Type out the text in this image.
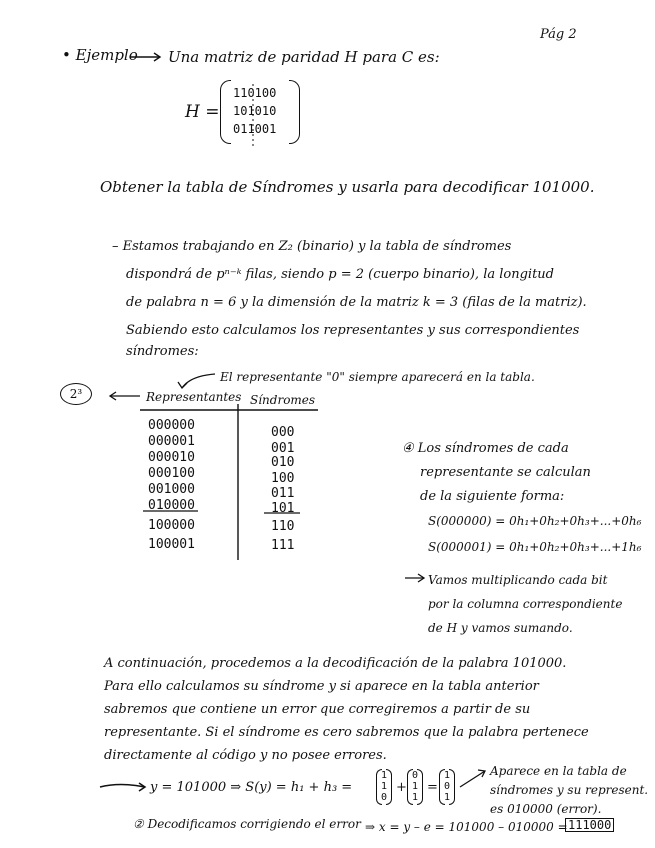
Pág 2
• Ejemplo Una matriz de paridad H para C es:
H =
110100
101010
011001
Obtener la tabla de Síndromes y usarla para decodificar 101000.
– Estamos trabajando en Z₂ (binario) y la tabla de síndromes
dispondrá de pⁿ⁻ᵏ filas, siendo p = 2 (cuerpo binario), la longitud
de palabra n = 6 y la dimensión de la matriz k = 3 (filas de la matriz).
Sabiendo esto calculamos los representantes y sus correspondientes
síndromes:
2³
El representante "0" siempre aparecerá en la tabla.
Representantes Síndromes
000000
000001
000010
000100
001000
010000
100000
100001
000
001
010
100
011
101
110
111
④ Los síndromes de cada
representante se calculan
de la siguiente forma:
S(000000) = 0h₁+0h₂+0h₃+...+0h₆
S(000001) = 0h₁+0h₂+0h₃+...+1h₆
Vamos multiplicando cada bit
por la columna correspondiente
de H y vamos sumando.
A continuación, procedemos a la decodificación de la palabra 101000.
Para ello calculamos su síndrome y si aparece en la tabla anterior
sabremos que contiene un error que corregiremos a partir de su
representante. Si el síndrome es cero sabremos que la palabra pertenece
directamente al código y no posee errores.
y = 101000 ⇒ S(y) = h₁ + h₃ =
1
1
0
+
0
1
1
=
1
0
1
Aparece en la tabla de
síndromes y su represent.
es 010000 (error).
② Decodificamos corrigiendo el error ⇒ x = y – e = 101000 – 010000 = 111000
